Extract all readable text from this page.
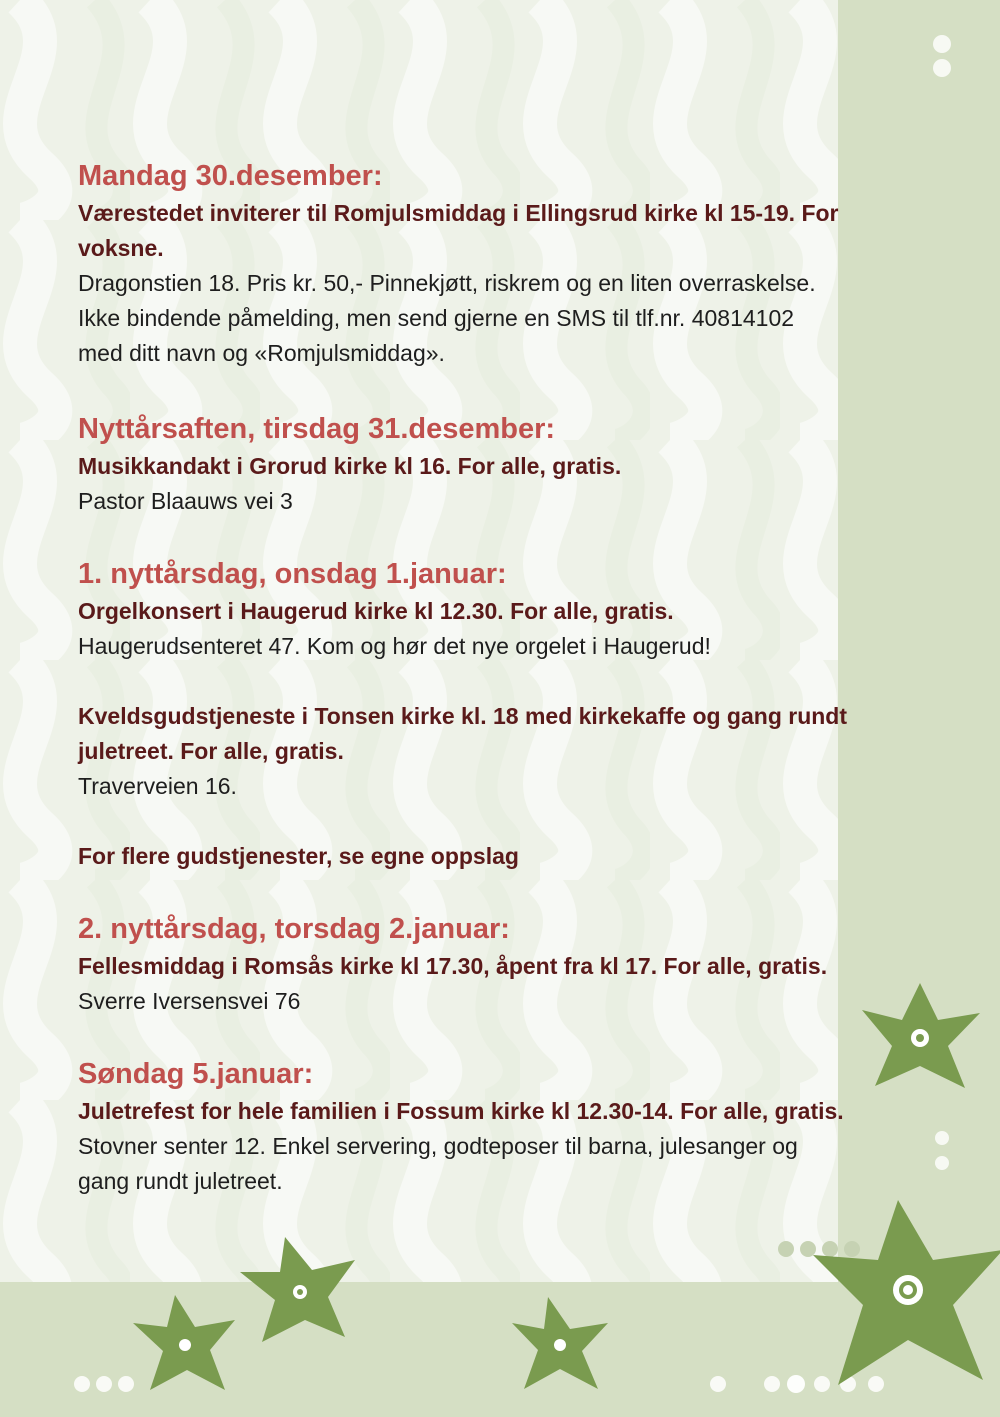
Mandag 30.desember:

Værestedet inviterer til Romjulsmiddag i Ellingsrud kirke kl 15-19. For voksne.

Dragonstien 18. Pris kr. 50,- Pinnekjøtt, riskrem og en liten overraskelse.

Ikke bindende påmelding, men send gjerne en SMS til tlf.nr. 40814102

med ditt navn og «Romjulsmiddag».

Nyttårsaften, tirsdag 31.desember:

Musikkandakt i Grorud kirke kl 16. For alle, gratis.

Pastor Blaauws vei 3

1. nyttårsdag, onsdag 1.januar:

Orgelkonsert i Haugerud kirke kl 12.30. For alle, gratis.

Haugerudsenteret 47. Kom og hør det nye orgelet i Haugerud!

Kveldsgudstjeneste i Tonsen kirke kl. 18 med kirkekaffe og gang rundt juletreet. For alle, gratis.

Traverveien 16.

For flere gudstjenester, se egne oppslag

2. nyttårsdag, torsdag 2.januar:

Fellesmiddag i Romsås kirke kl 17.30, åpent fra kl 17. For alle, gratis.

Sverre Iversensvei 76

Søndag 5.januar:

Juletrefest for hele familien i Fossum kirke kl 12.30-14. For alle, gratis.

Stovner senter 12. Enkel servering, godteposer til barna, julesanger og

gang rundt juletreet.
